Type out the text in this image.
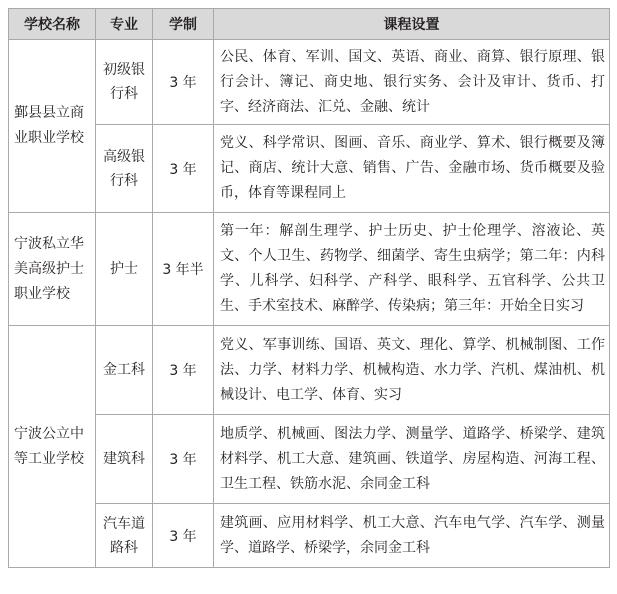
学校名称	专业	学制	课程设置
鄞县县立商业职业学校	初级银行科	3 年	公民、体育、军训、国文、英语、商业、商算、银行原理、银行会计、簿记、商史地、银行实务、会计及审计、货币、打字、经济商法、汇兑、金融、统计
	高级银行科	3 年	党义、科学常识、图画、音乐、商业学、算术、银行概要及簿记、商店、统计大意、销售、广告、金融市场、货币概要及验币，体育等课程同上
宁波私立华美高级护士职业学校	护士	3 年半	第一年：解剖生理学、护士历史、护士伦理学、溶液论、英文、个人卫生、药物学、细菌学、寄生虫病学；第二年：内科学、儿科学、妇科学、产科学、眼科学、五官科学、公共卫生、手术室技术、麻醉学、传染病；第三年：开始全日实习
宁波公立中等工业学校	金工科	3 年	党义、军事训练、国语、英文、理化、算学、机械制图、工作法、力学、材料力学、机械构造、水力学、汽机、煤油机、机械设计、电工学、体育、实习
	建筑科	3 年	地质学、机械画、图法力学、测量学、道路学、桥梁学、建筑材料学、机工大意、建筑画、铁道学、房屋构造、河海工程、卫生工程、铁筋水泥、余同金工科
	汽车道路科	3 年	建筑画、应用材料学、机工大意、汽车电气学、汽车学、测量学、道路学、桥梁学，余同金工科
